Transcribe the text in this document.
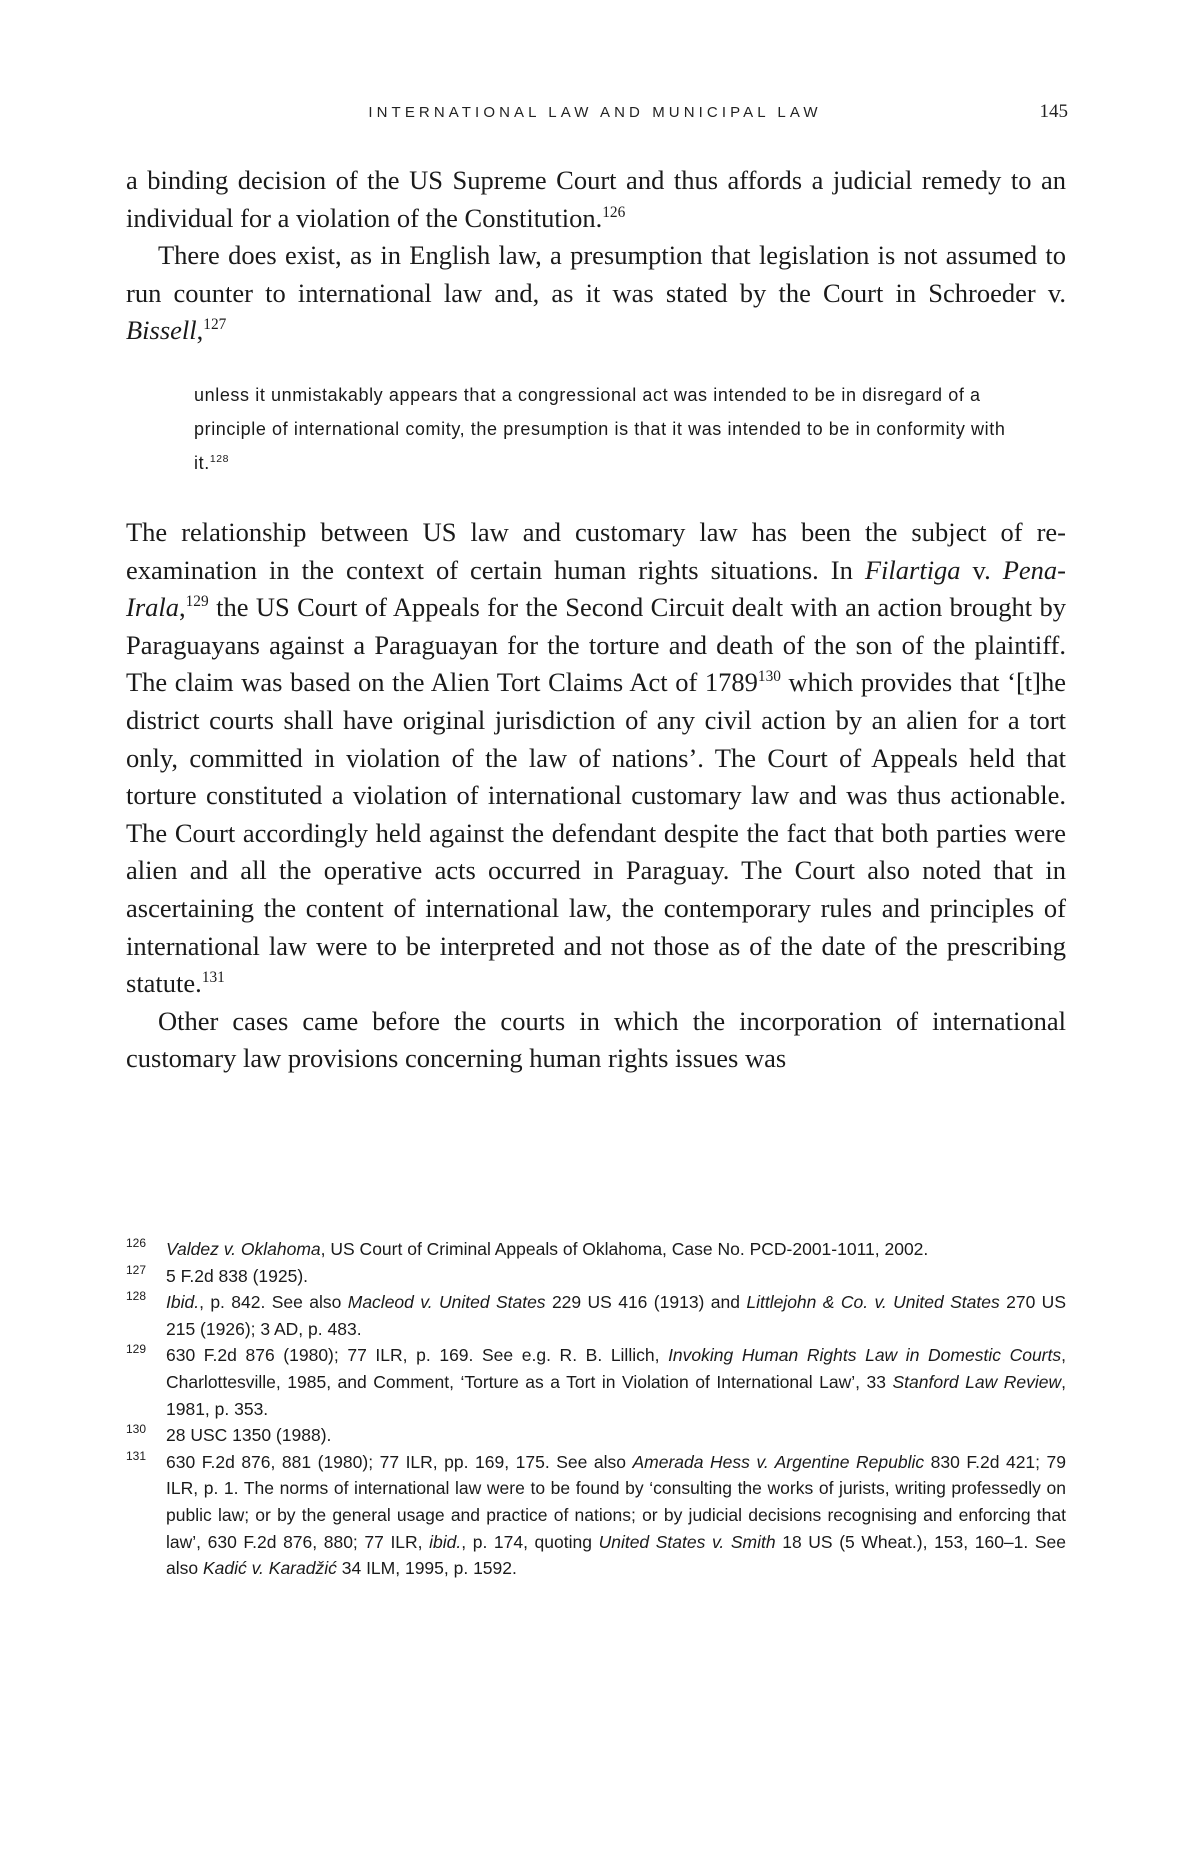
INTERNATIONAL LAW AND MUNICIPAL LAW	145

a binding decision of the US Supreme Court and thus affords a judicial remedy to an individual for a violation of the Constitution.$^{126}$

There does exist, as in English law, a presumption that legislation is not assumed to run counter to international law and, as it was stated by the Court in Schroeder v. Bissell,$^{127}$

unless it unmistakably appears that a congressional act was intended to be in disregard of a principle of international comity, the presumption is that it was intended to be in conformity with it.$^{128}$

The relationship between US law and customary law has been the subject of re-examination in the context of certain human rights situations. In Filartiga v. Pena-Irala,$^{129}$ the US Court of Appeals for the Second Circuit dealt with an action brought by Paraguayans against a Paraguayan for the torture and death of the son of the plaintiff. The claim was based on the Alien Tort Claims Act of 1789$^{130}$ which provides that ‘[t]he district courts shall have original jurisdiction of any civil action by an alien for a tort only, committed in violation of the law of nations’. The Court of Appeals held that torture constituted a violation of international customary law and was thus actionable. The Court accordingly held against the defendant despite the fact that both parties were alien and all the operative acts occurred in Paraguay. The Court also noted that in ascertaining the content of international law, the contemporary rules and principles of international law were to be interpreted and not those as of the date of the prescribing statute.$^{131}$

Other cases came before the courts in which the incorporation of international customary law provisions concerning human rights issues was

126 Valdez v. Oklahoma, US Court of Criminal Appeals of Oklahoma, Case No. PCD-2001-1011, 2002.
127 5 F.2d 838 (1925).
128 Ibid., p. 842. See also Macleod v. United States 229 US 416 (1913) and Littlejohn & Co. v. United States 270 US 215 (1926); 3 AD, p. 483.
129 630 F.2d 876 (1980); 77 ILR, p. 169. See e.g. R. B. Lillich, Invoking Human Rights Law in Domestic Courts, Charlottesville, 1985, and Comment, ‘Torture as a Tort in Violation of International Law’, 33 Stanford Law Review, 1981, p. 353.
130 28 USC 1350 (1988).
131 630 F.2d 876, 881 (1980); 77 ILR, pp. 169, 175. See also Amerada Hess v. Argentine Republic 830 F.2d 421; 79 ILR, p. 1. The norms of international law were to be found by ‘consulting the works of jurists, writing professedly on public law; or by the general usage and practice of nations; or by judicial decisions recognising and enforcing that law’, 630 F.2d 876, 880; 77 ILR, ibid., p. 174, quoting United States v. Smith 18 US (5 Wheat.), 153, 160–1. See also Kadić v. Karadžić 34 ILM, 1995, p. 1592.
